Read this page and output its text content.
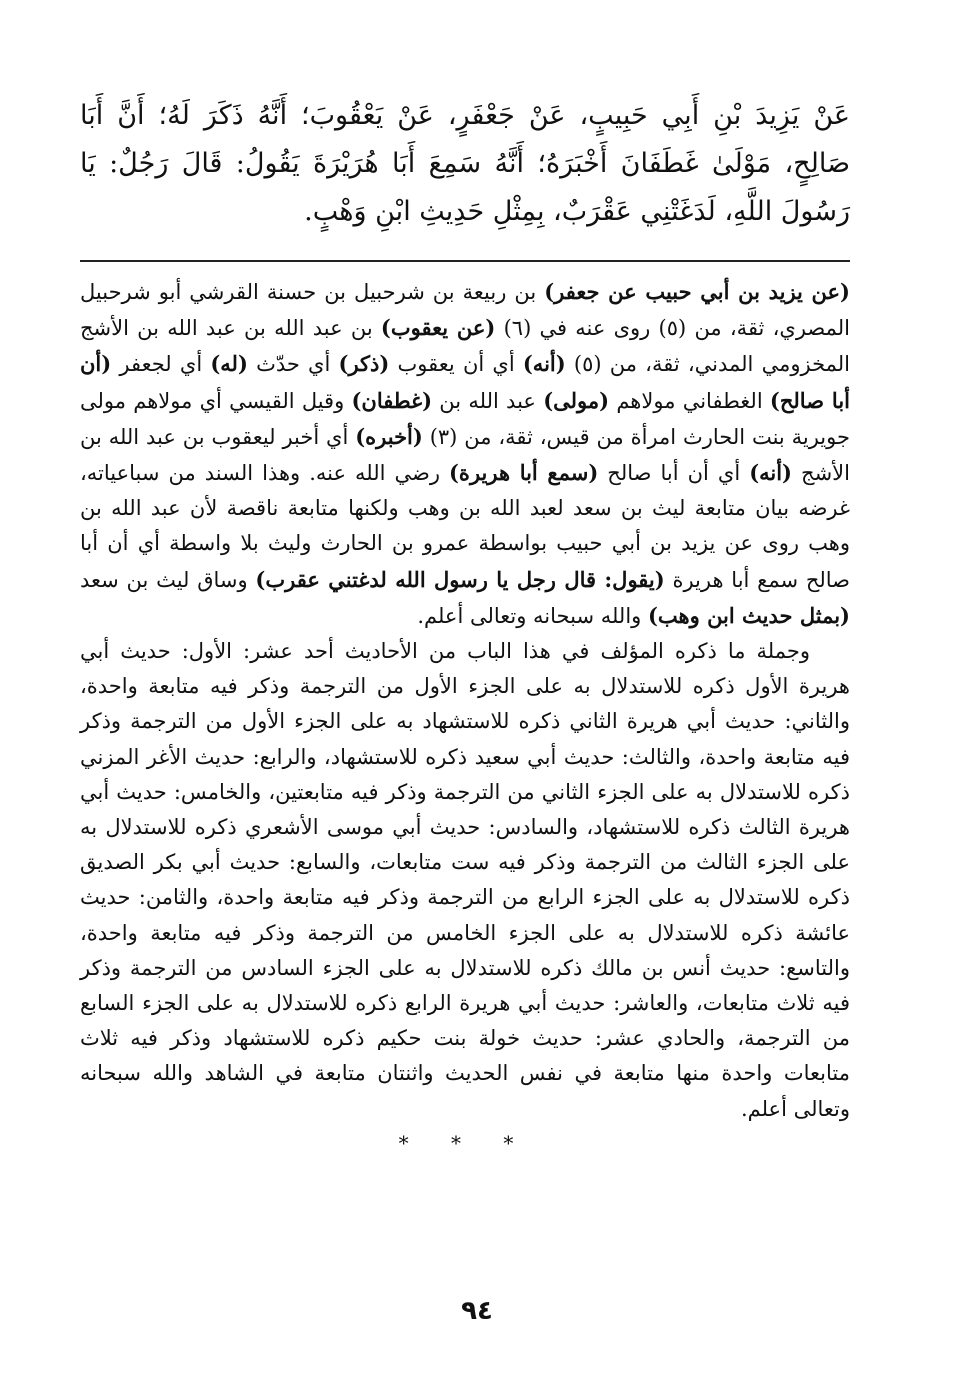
عَنْ يَزِيدَ بْنِ أَبِي حَبِيبٍ، عَنْ جَعْفَرٍ، عَنْ يَعْقُوبَ؛ أَنَّهُ ذَكَرَ لَهُ؛ أَنَّ أَبَا صَالِحٍ، مَوْلَىٰ غَطَفَانَ أَخْبَرَهُ؛ أَنَّهُ سَمِعَ أَبَا هُرَيْرَةَ يَقُولُ: قَالَ رَجُلٌ: يَا رَسُولَ اللَّهِ، لَدَغَتْنِي عَقْرَبٌ، بِمِثْلِ حَدِيثِ ابْنِ وَهْبٍ.

(عن يزيد بن أبي حبيب عن جعفر) بن ربيعة بن شرحبيل بن حسنة القرشي أبو شرحبيل المصري، ثقة، من (٥) روى عنه في (٦) (عن يعقوب) بن عبد الله بن عبد الله بن الأشج المخزومي المدني، ثقة، من (٥) (أنه) أي أن يعقوب (ذكر) أي حدّث (له) أي لجعفر (أن أبا صالح) الغطفاني مولاهم (مولى) عبد الله بن (غطفان) وقيل القيسي أي مولاهم مولى جويرية بنت الحارث امرأة من قيس، ثقة، من (٣) (أخبره) أي أخبر ليعقوب بن عبد الله بن الأشج (أنه) أي أن أبا صالح (سمع أبا هريرة) رضي الله عنه. وهذا السند من سباعياته، غرضه بيان متابعة ليث بن سعد لعبد الله بن وهب ولكنها متابعة ناقصة لأن عبد الله بن وهب روى عن يزيد بن أبي حبيب بواسطة عمرو بن الحارث وليث بلا واسطة أي أن أبا صالح سمع أبا هريرة (يقول: قال رجل يا رسول الله لدغتني عقرب) وساق ليث بن سعد (بمثل حديث ابن وهب) والله سبحانه وتعالى أعلم.

وجملة ما ذكره المؤلف في هذا الباب من الأحاديث أحد عشر: الأول: حديث أبي هريرة الأول ذكره للاستدلال به على الجزء الأول من الترجمة وذكر فيه متابعة واحدة، والثاني: حديث أبي هريرة الثاني ذكره للاستشهاد به على الجزء الأول من الترجمة وذكر فيه متابعة واحدة، والثالث: حديث أبي سعيد ذكره للاستشهاد، والرابع: حديث الأغر المزني ذكره للاستدلال به على الجزء الثاني من الترجمة وذكر فيه متابعتين، والخامس: حديث أبي هريرة الثالث ذكره للاستشهاد، والسادس: حديث أبي موسى الأشعري ذكره للاستدلال به على الجزء الثالث من الترجمة وذكر فيه ست متابعات، والسابع: حديث أبي بكر الصديق ذكره للاستدلال به على الجزء الرابع من الترجمة وذكر فيه متابعة واحدة، والثامن: حديث عائشة ذكره للاستدلال به على الجزء الخامس من الترجمة وذكر فيه متابعة واحدة، والتاسع: حديث أنس بن مالك ذكره للاستدلال به على الجزء السادس من الترجمة وذكر فيه ثلاث متابعات، والعاشر: حديث أبي هريرة الرابع ذكره للاستدلال به على الجزء السابع من الترجمة، والحادي عشر: حديث خولة بنت حكيم ذكره للاستشهاد وذكر فيه ثلاث متابعات واحدة منها متابعة في نفس الحديث واثنتان متابعة في الشاهد والله سبحانه وتعالى أعلم.

* * *
٩٤
